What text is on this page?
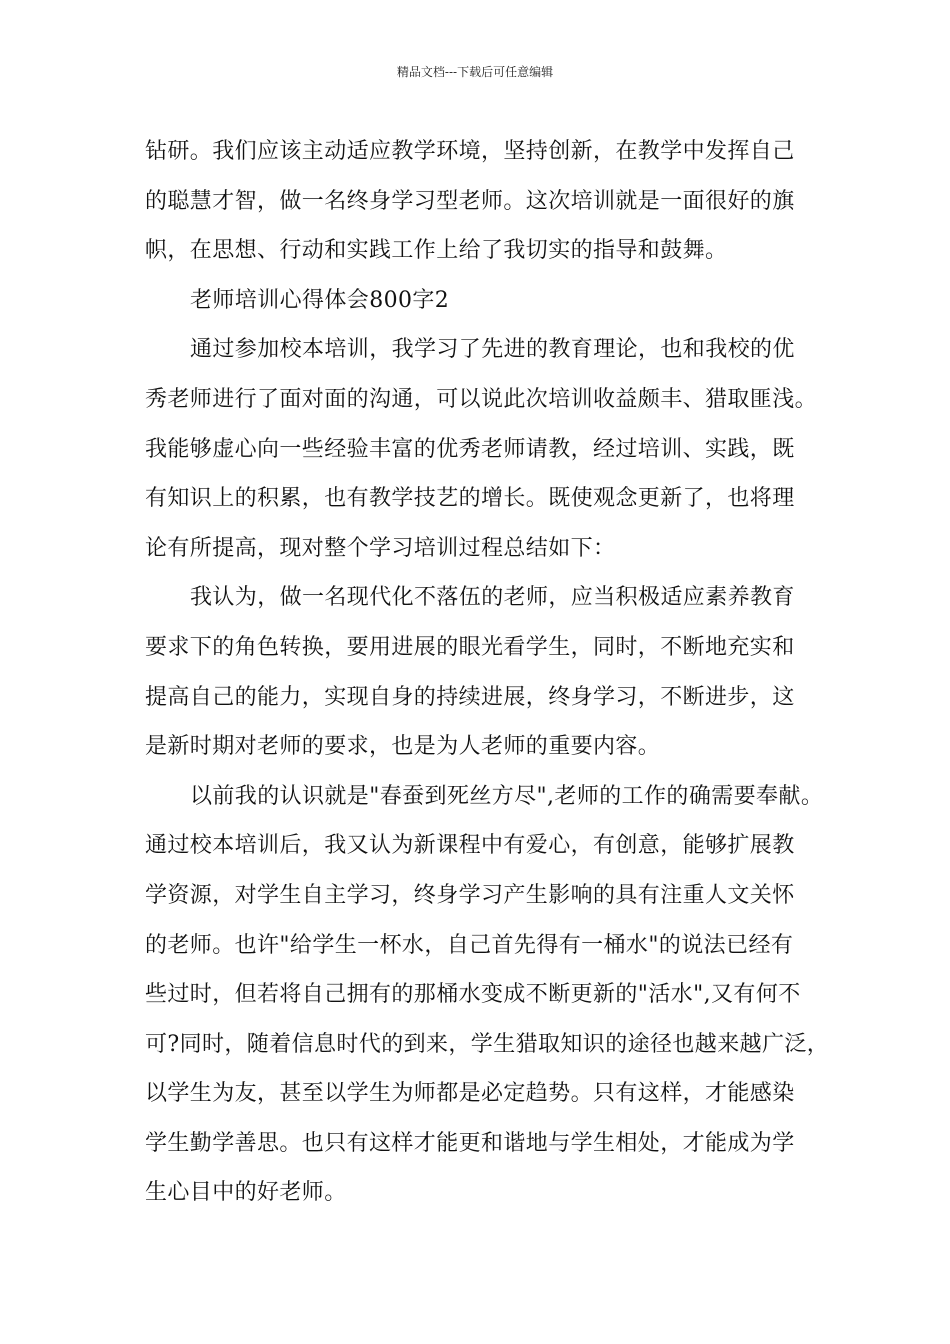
精品文档---下载后可任意编辑
钻研。我们应该主动适应教学环境，坚持创新，在教学中发挥自己
的聪慧才智，做一名终身学习型老师。这次培训就是一面很好的旗
帜，在思想、行动和实践工作上给了我切实的指导和鼓舞。
老师培训心得体会800字2
通过参加校本培训，我学习了先进的教育理论，也和我校的优
秀老师进行了面对面的沟通，可以说此次培训收益颇丰、猎取匪浅。
我能够虚心向一些经验丰富的优秀老师请教，经过培训、实践，既
有知识上的积累，也有教学技艺的增长。既使观念更新了，也将理
论有所提高，现对整个学习培训过程总结如下：
我认为，做一名现代化不落伍的老师，应当积极适应素养教育
要求下的角色转换，要用进展的眼光看学生，同时，不断地充实和
提高自己的能力，实现自身的持续进展，终身学习，不断进步，这
是新时期对老师的要求，也是为人老师的重要内容。
以前我的认识就是"春蚕到死丝方尽",老师的工作的确需要奉献。
通过校本培训后，我又认为新课程中有爱心，有创意，能够扩展教
学资源，对学生自主学习，终身学习产生影响的具有注重人文关怀
的老师。也许"给学生一杯水，自己首先得有一桶水"的说法已经有
些过时，但若将自己拥有的那桶水变成不断更新的"活水",又有何不
可?同时，随着信息时代的到来，学生猎取知识的途径也越来越广泛，
以学生为友，甚至以学生为师都是必定趋势。只有这样，才能感染
学生勤学善思。也只有这样才能更和谐地与学生相处，才能成为学
生心目中的好老师。
